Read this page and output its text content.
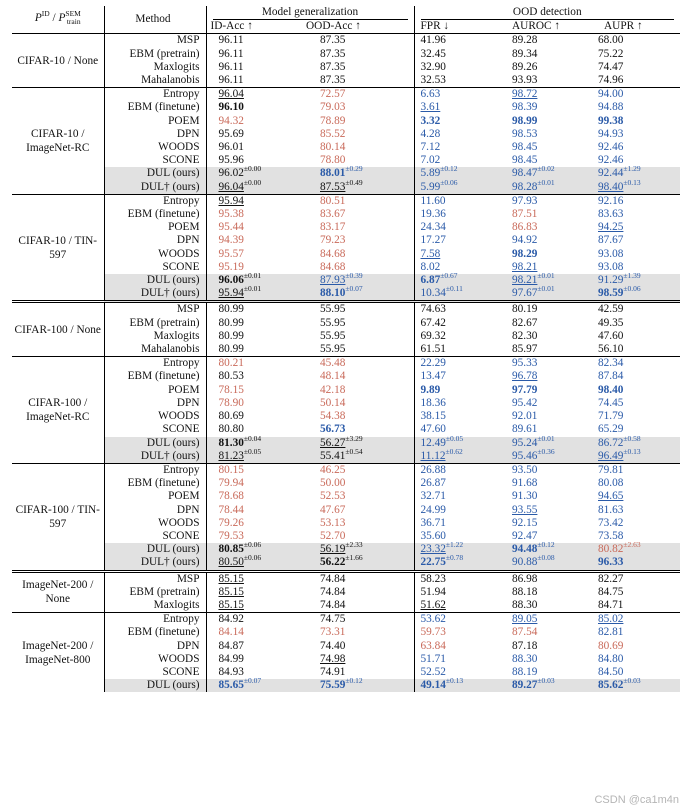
$P^{ID} / P^{SEM}_{train}$	Method	Model generalization		OOD detection		

		ID-Acc ↑	OOD-Acc ↑	FPR ↓	AUROC ↑	AUPR ↑
CIFAR-10 / None	MSP	96.11	87.35	41.96	89.28	68.00
	EBM (pretrain)	96.11	87.35	32.45	89.34	75.22
	Maxlogits	96.11	87.35	32.90	89.26	74.47
	Mahalanobis	96.11	87.35	32.53	93.93	74.96
CIFAR-10 / ImageNet-RC	Entropy	96.04	72.57	6.63	98.72	94.00
	EBM (finetune)	96.10	79.03	3.61	98.39	94.88
	POEM	94.32	78.89	3.32	98.99	99.38
	DPN	95.69	85.52	4.28	98.53	94.93
	WOODS	96.01	80.14	7.12	98.45	92.46
	SCONE	95.96	78.80	7.02	98.45	92.46
	DUL (ours)	$96.02^{\pm 0.00}$	$88.01^{\pm 0.29}$	$5.89^{\pm 0.12}$	$98.47^{\pm 0.02}$	$92.44^{\pm 1.29}$
	DUL† (ours)	$96.04^{\pm 0.00}$	$87.53^{\pm 0.49}$	$5.99^{\pm 0.06}$	$98.28^{\pm 0.01}$	$98.40^{\pm 0.13}$
CIFAR-10 / TIN-597	Entropy	95.94	80.51	11.60	97.93	92.16
	EBM (finetune)	95.38	83.67	19.36	87.51	83.63
	POEM	95.44	83.17	24.34	86.83	94.25
	DPN	94.39	79.23	17.27	94.92	87.67
	WOODS	95.57	84.68	7.58	98.29	93.08
	SCONE	95.19	84.68	8.02	98.21	93.08
	DUL (ours)	$96.06^{\pm 0.01}$	$87.93^{\pm 0.39}$	$6.87^{\pm 0.67}$	$98.21^{\pm 0.01}$	$91.29^{\pm 1.39}$
	DUL† (ours)	$95.94^{\pm 0.01}$	$88.10^{\pm 0.07}$	$10.34^{\pm 0.11}$	$97.67^{\pm 0.01}$	$98.59^{\pm 0.06}$
CIFAR-100 / None	MSP	80.99	55.95	74.63	80.19	42.59
	EBM (pretrain)	80.99	55.95	67.42	82.67	49.35
	Maxlogits	80.99	55.95	69.32	82.30	47.60
	Mahalanobis	80.99	55.95	61.51	85.97	56.10
CIFAR-100 / ImageNet-RC	Entropy	80.21	45.48	22.29	95.33	82.34
	EBM (finetune)	80.53	48.14	13.47	96.78	87.84
	POEM	78.15	42.18	9.89	97.79	98.40
	DPN	78.90	50.14	18.36	95.42	74.45
	WOODS	80.69	54.38	38.15	92.01	71.79
	SCONE	80.80	56.73	47.60	89.61	65.29
	DUL (ours)	$81.30^{\pm 0.04}$	$56.27^{\pm 3.29}$	$12.49^{\pm 0.05}$	$95.24^{\pm 0.01}$	$86.72^{\pm 0.58}$
	DUL† (ours)	$81.23^{\pm 0.05}$	$55.41^{\pm 0.54}$	$11.12^{\pm 0.62}$	$95.46^{\pm 0.36}$	$96.49^{\pm 0.13}$
CIFAR-100 / TIN-597	Entropy	80.15	46.25	26.88	93.50	79.81
	EBM (finetune)	79.94	50.00	26.87	91.68	80.08
	POEM	78.68	52.53	32.71	91.30	94.65
	DPN	78.44	47.67	24.99	93.55	81.63
	WOODS	79.26	53.13	36.71	92.15	73.42
	SCONE	79.53	52.70	35.60	92.47	73.58
	DUL (ours)	$80.85^{\pm 0.06}$	$56.19^{\pm 2.33}$	$23.32^{\pm 1.22}$	$94.48^{\pm 0.12}$	$80.82^{\pm 2.63}$
	DUL† (ours)	$80.50^{\pm 0.06}$	$56.22^{\pm 1.66}$	$22.75^{\pm 0.78}$	$90.88^{\pm 0.08}$	96.33
ImageNet-200 / None	MSP	85.15	74.84	58.23	86.98	82.27
	EBM (pretrain)	85.15	74.84	51.94	88.18	84.75
	Maxlogits	85.15	74.84	51.62	88.30	84.71
ImageNet-200 / ImageNet-800	Entropy	84.92	74.75	53.62	89.05	85.02
	EBM (finetune)	84.14	73.31	59.73	87.54	82.81
	DPN	84.87	74.40	63.84	87.18	80.69
	WOODS	84.99	74.98	51.71	88.30	84.80
	SCONE	84.93	74.91	52.52	88.19	84.50
	DUL (ours)	$85.65^{\pm 0.07}$	$75.59^{\pm 0.12}$	$49.14^{\pm 0.13}$	$89.27^{\pm 0.03}$	$85.62^{\pm 0.03}$
CSDN @ca1m4n
